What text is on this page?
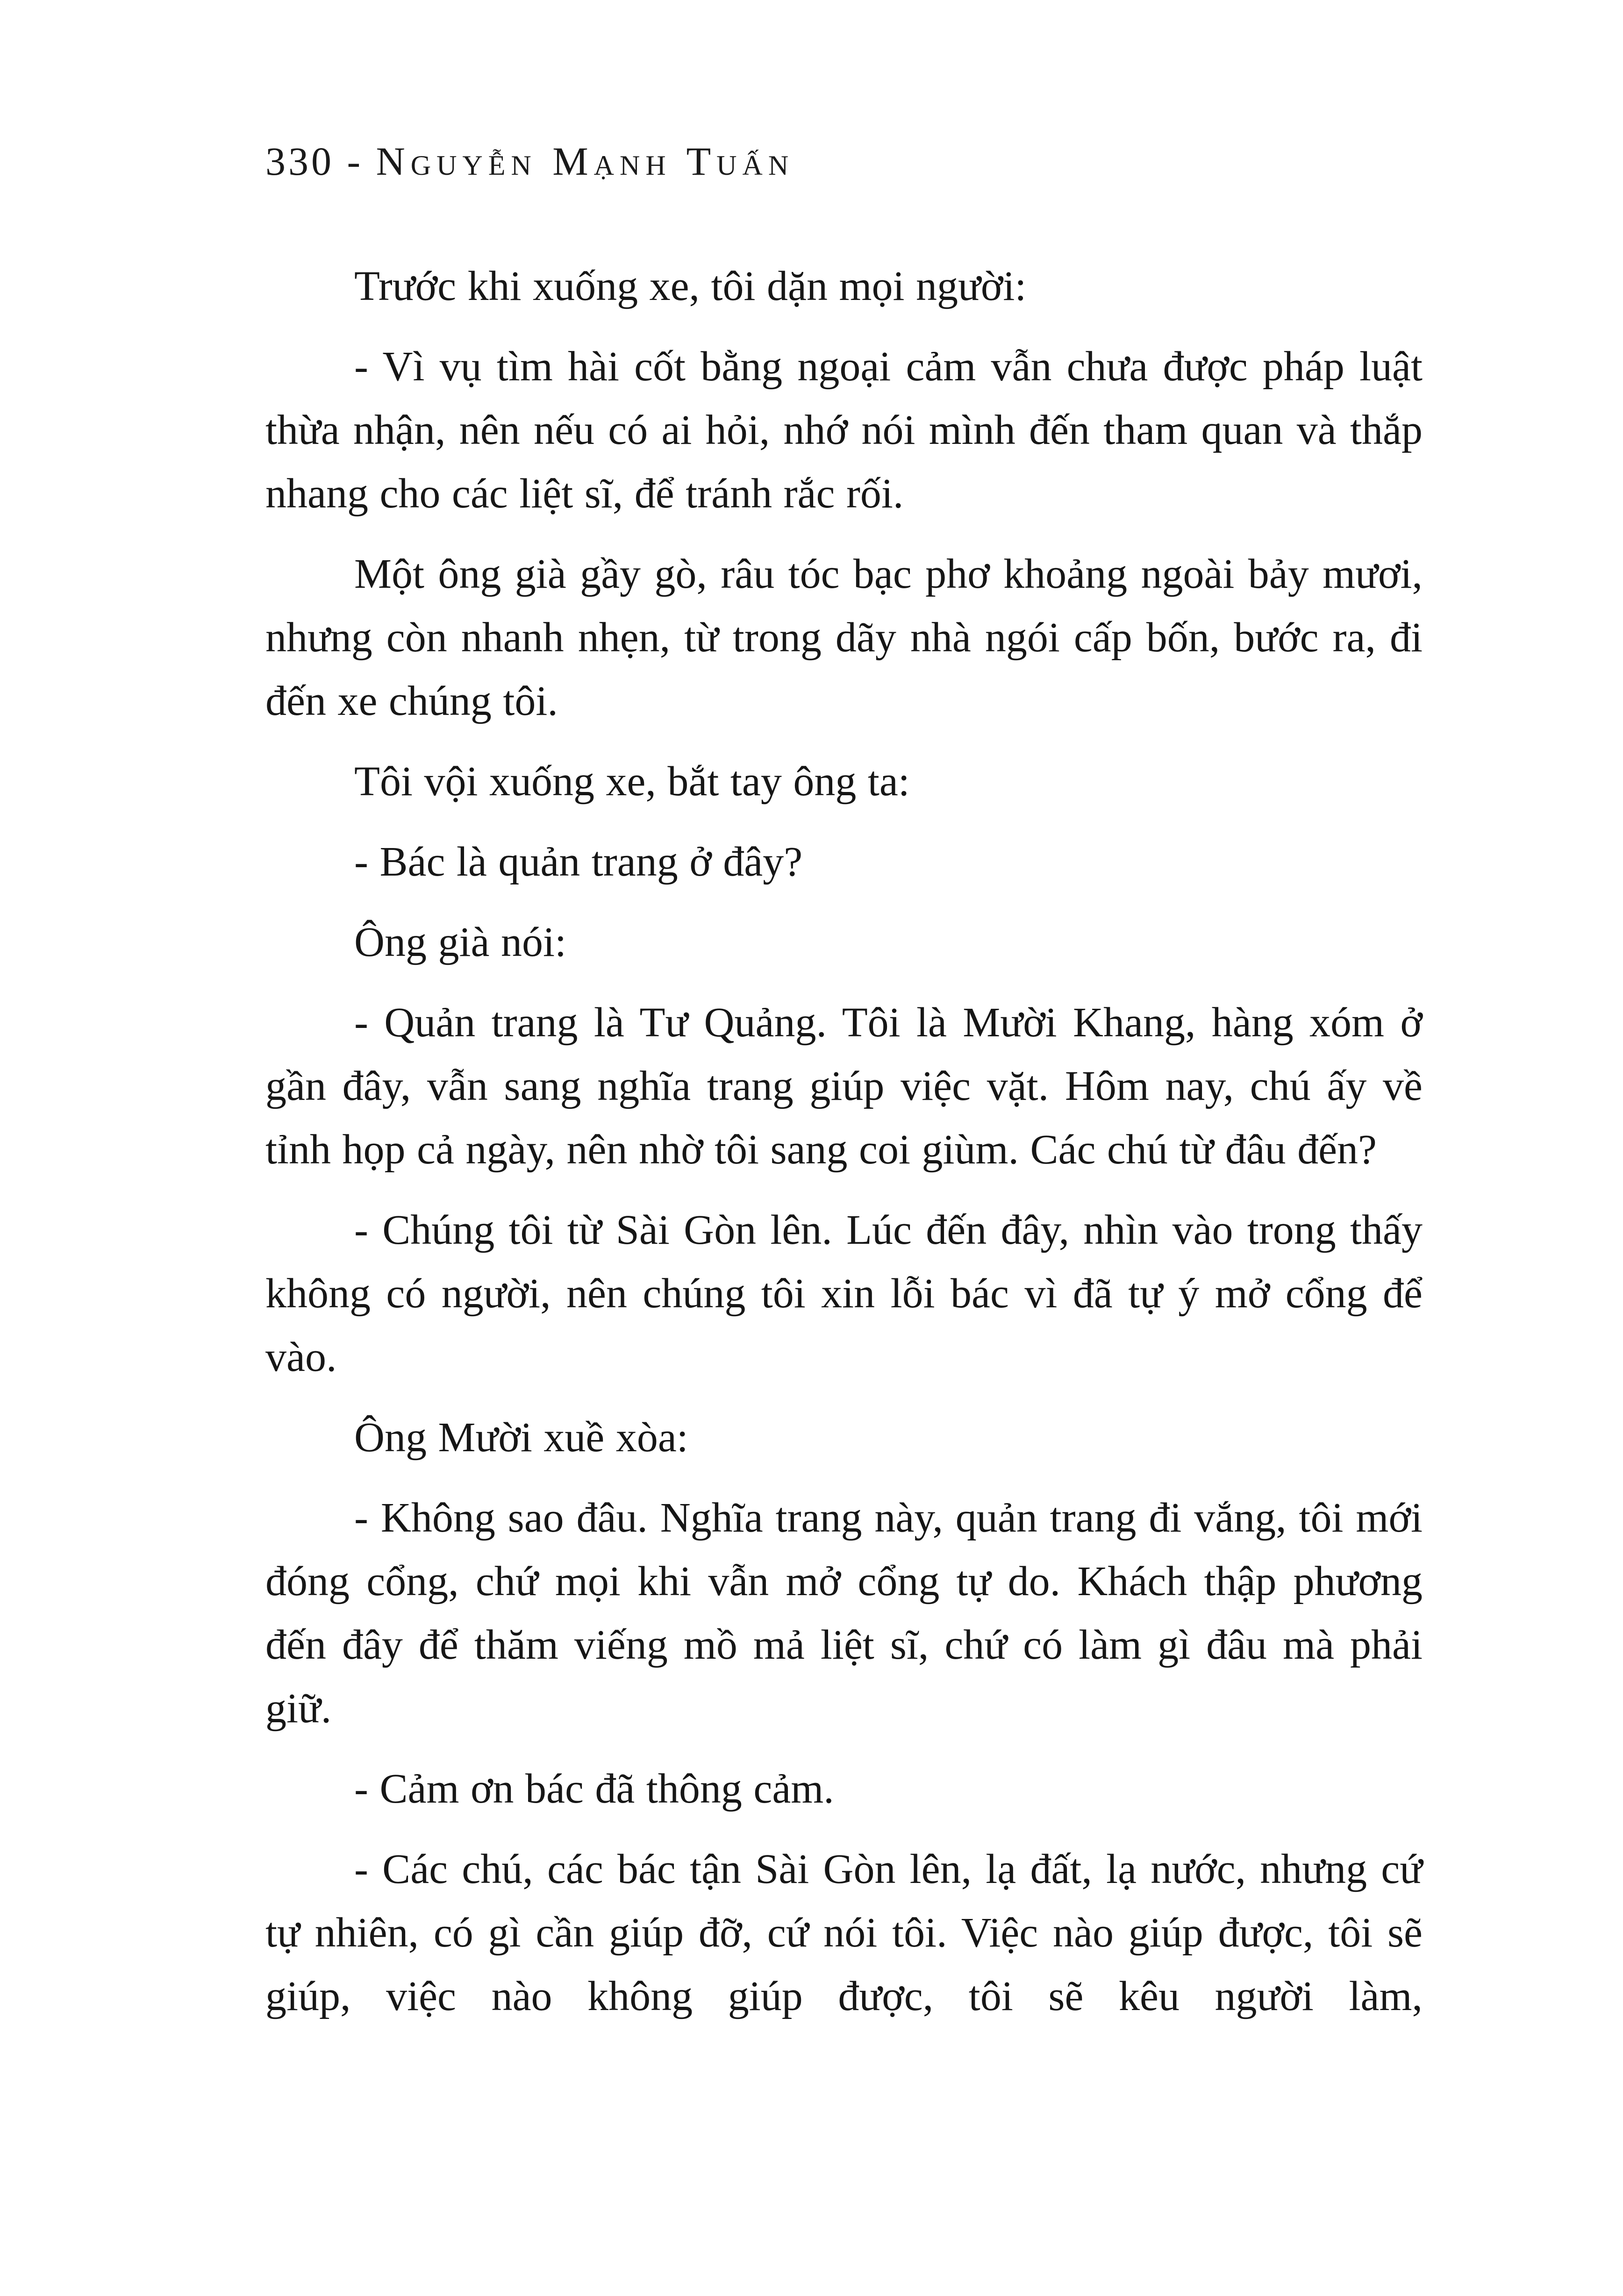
330 - Nguyễn Mạnh Tuấn

Trước khi xuống xe, tôi dặn mọi người:

- Vì vụ tìm hài cốt bằng ngoại cảm vẫn chưa được pháp luật thừa nhận, nên nếu có ai hỏi, nhớ nói mình đến tham quan và thắp nhang cho các liệt sĩ, để tránh rắc rối.

Một ông già gầy gò, râu tóc bạc phơ khoảng ngoài bảy mươi, nhưng còn nhanh nhẹn, từ trong dãy nhà ngói cấp bốn, bước ra, đi đến xe chúng tôi.

Tôi vội xuống xe, bắt tay ông ta:

- Bác là quản trang ở đây?

Ông già nói:

- Quản trang là Tư Quảng. Tôi là Mười Khang, hàng xóm ở gần đây, vẫn sang nghĩa trang giúp việc vặt. Hôm nay, chú ấy về tỉnh họp cả ngày, nên nhờ tôi sang coi giùm. Các chú từ đâu đến?

- Chúng tôi từ Sài Gòn lên. Lúc đến đây, nhìn vào trong thấy không có người, nên chúng tôi xin lỗi bác vì đã tự ý mở cổng để vào.

Ông Mười xuề xòa:

- Không sao đâu. Nghĩa trang này, quản trang đi vắng, tôi mới đóng cổng, chứ mọi khi vẫn mở cổng tự do. Khách thập phương đến đây để thăm viếng mồ mả liệt sĩ, chứ có làm gì đâu mà phải giữ.

- Cảm ơn bác đã thông cảm.

- Các chú, các bác tận Sài Gòn lên, lạ đất, lạ nước, nhưng cứ tự nhiên, có gì cần giúp đỡ, cứ nói tôi. Việc nào giúp được, tôi sẽ giúp, việc nào không giúp được, tôi sẽ kêu người làm,
